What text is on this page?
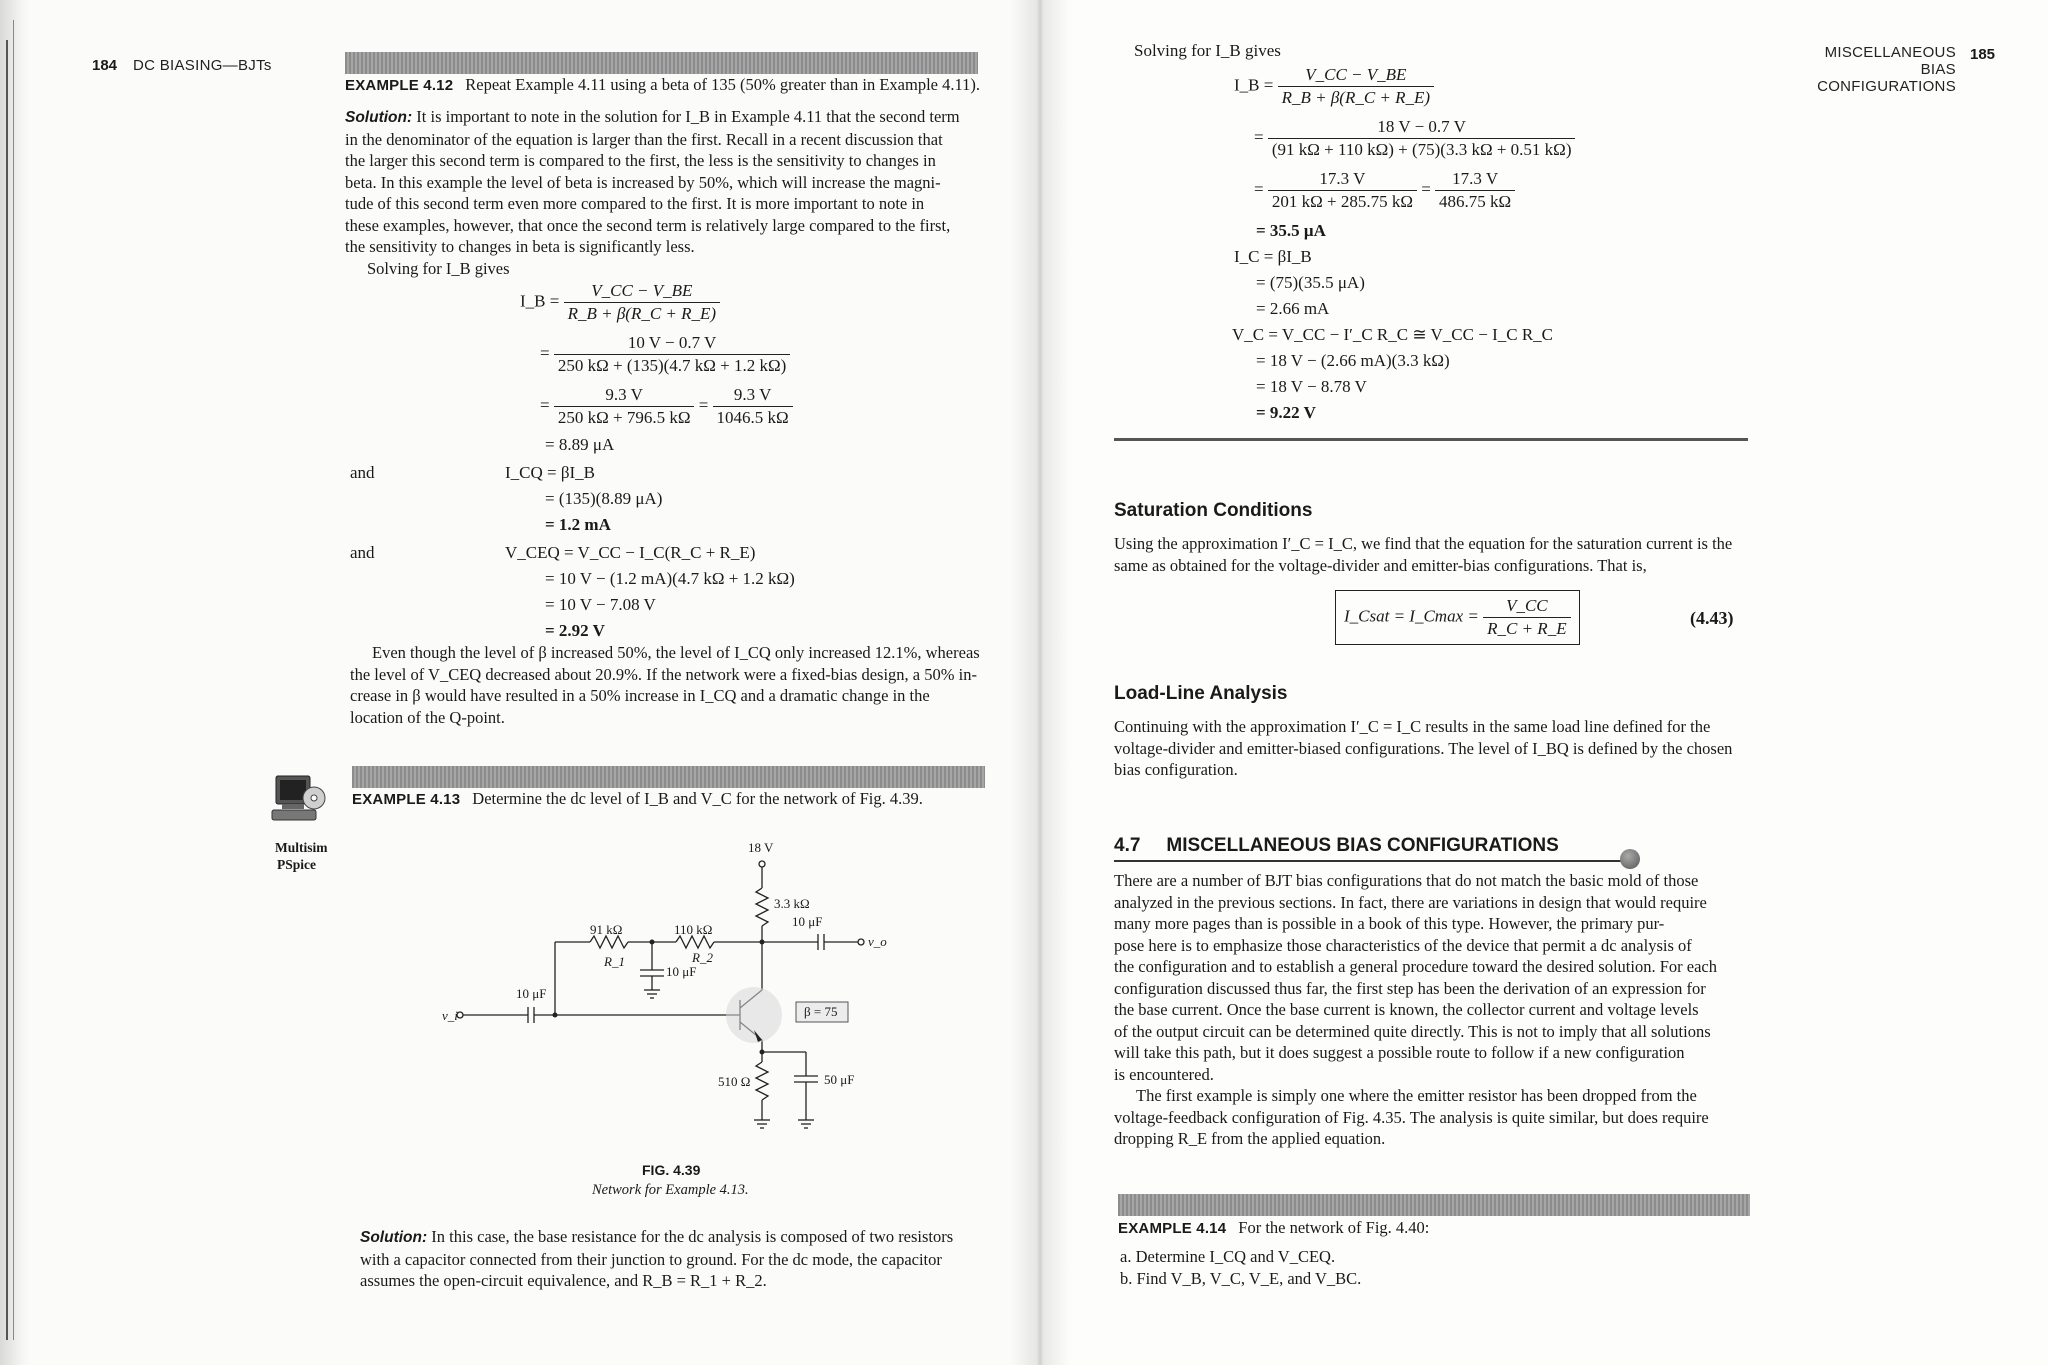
184 DC BIASING—BJTs
EXAMPLE 4.12 Repeat Example 4.11 using a beta of 135 (50% greater than in Example 4.11).
Solution: It is important to note in the solution for I_B in Example 4.11 that the second term
in the denominator of the equation is larger than the first. Recall in a recent discussion that
the larger this second term is compared to the first, the less is the sensitivity to changes in
beta. In this example the level of beta is increased by 50%, which will increase the magni-
tude of this second term even more compared to the first. It is more important to note in
these examples, however, that once the second term is relatively large compared to the first,
the sensitivity to changes in beta is significantly less.
Solving for I_B gives
I_B = $\frac{V\_CC - V\_BE}{R\_B + \beta(R\_C + R\_E)}$
= $\frac{10 V - 0.7 V}{250 k\Omega + (135)(4.7 k\Omega + 1.2 k\Omega)}$
= $\frac{9.3 V}{250 k\Omega + 796.5 k\Omega} = \frac{9.3 V}{1046.5 k\Omega}$
= 8.89 μA
and	I_CQ = βI_B
= (135)(8.89 μA)
= 1.2 mA
and	V_CEQ = V_CC − I_C(R_C + R_E)
= 10 V − (1.2 mA)(4.7 kΩ + 1.2 kΩ)
= 10 V − 7.08 V
= 2.92 V
Even though the level of β increased 50%, the level of I_CQ only increased 12.1%, whereas
the level of V_CEQ decreased about 20.9%. If the network were a fixed-bias design, a 50% in-
crease in β would have resulted in a 50% increase in I_CQ and a dramatic change in the
location of the Q-point.
EXAMPLE 4.13 Determine the dc level of I_B and V_C for the network of Fig. 4.39.
Multisim
PSpice
18 V
3.3 kΩ
10 μF
v_o
91 kΩ
R_1
110 kΩ
R_2
10 μF
10 μF
v_i	β = 75
510 Ω	50 μF
FIG. 4.39
Network for Example 4.13.
Solution: In this case, the base resistance for the dc analysis is composed of two resistors
with a capacitor connected from their junction to ground. For the dc mode, the capacitor
assumes the open-circuit equivalence, and R_B = R_1 + R_2.
MISCELLANEOUS BIAS
CONFIGURATIONS
185
Solving for I_B gives
I_B = $\frac{V\_CC - V\_BE}{R\_B + \beta(R\_C + R\_E)}$
= $\frac{18 V - 0.7 V}{(91 k\Omega + 110 k\Omega) + (75)(3.3 k\Omega + 0.51 k\Omega)}$
= $\frac{17.3 V}{201 k\Omega + 285.75 k\Omega} = \frac{17.3 V}{486.75 k\Omega}$
= 35.5 μA
I_C = βI_B
= (75)(35.5 μA)
= 2.66 mA
V_C = V_CC − I′_C R_C ≅ V_CC − I_C R_C
= 18 V − (2.66 mA)(3.3 kΩ)
= 18 V − 8.78 V
= 9.22 V
Saturation Conditions
Using the approximation I′_C = I_C, we find that the equation for the saturation current is the
same as obtained for the voltage-divider and emitter-bias configurations. That is,
I_Csat = I_Cmax = $\frac{V\_CC}{R\_C + R\_E}$	(4.43)
Load-Line Analysis
Continuing with the approximation I′_C = I_C results in the same load line defined for the
voltage-divider and emitter-biased configurations. The level of I_BQ is defined by the chosen
bias configuration.
4.7 MISCELLANEOUS BIAS CONFIGURATIONS
There are a number of BJT bias configurations that do not match the basic mold of those
analyzed in the previous sections. In fact, there are variations in design that would require
many more pages than is possible in a book of this type. However, the primary pur-
pose here is to emphasize those characteristics of the device that permit a dc analysis of
the configuration and to establish a general procedure toward the desired solution. For each
configuration discussed thus far, the first step has been the derivation of an expression for
the base current. Once the base current is known, the collector current and voltage levels
of the output circuit can be determined quite directly. This is not to imply that all solutions
will take this path, but it does suggest a possible route to follow if a new configuration
is encountered.
The first example is simply one where the emitter resistor has been dropped from the
voltage-feedback configuration of Fig. 4.35. The analysis is quite similar, but does require
dropping R_E from the applied equation.
EXAMPLE 4.14 For the network of Fig. 4.40:
a. Determine I_CQ and V_CEQ.
b. Find V_B, V_C, V_E, and V_BC.
